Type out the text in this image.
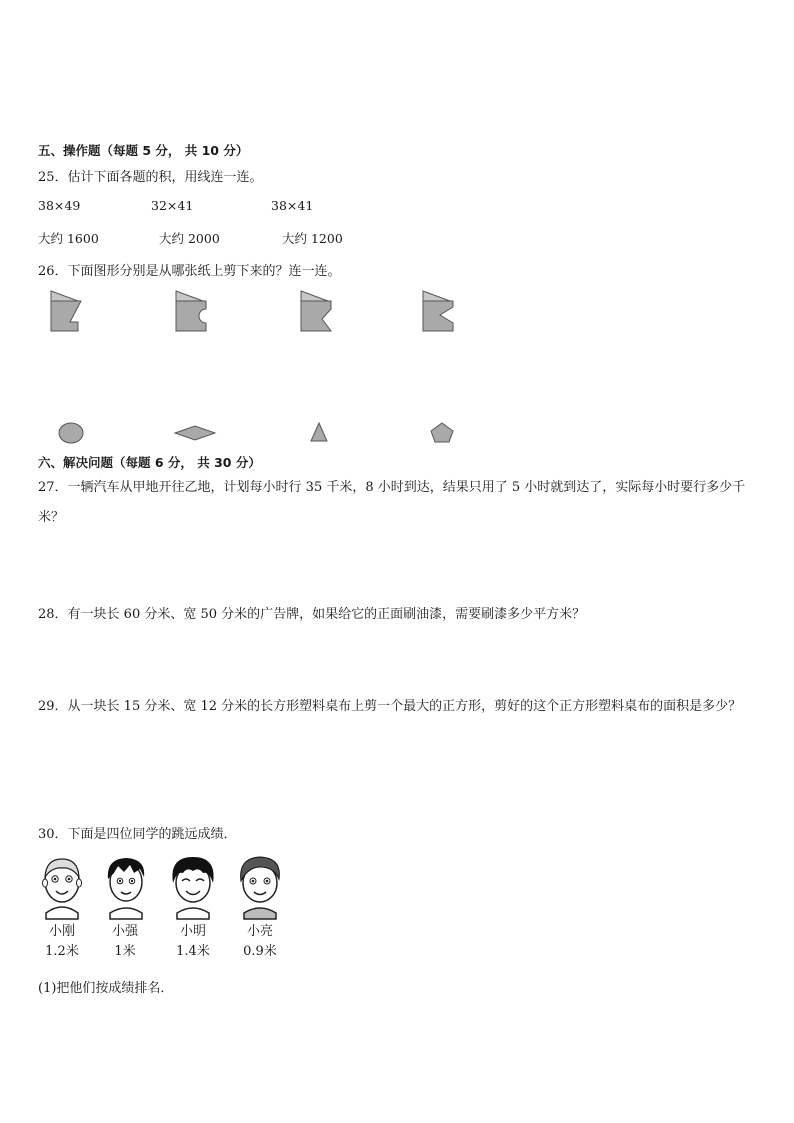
五、操作题（每题 5 分， 共 10 分）
25．估计下面各题的积，用线连一连。
38×49	32×41	38×41
大约 1600	大约 2000	大约 1200
26．下面图形分别是从哪张纸上剪下来的？连一连。
六、解决问题（每题 6 分， 共 30 分）
27．一辆汽车从甲地开往乙地，计划每小时行 35 千米，8 小时到达，结果只用了 5 小时就到达了，实际每小时要行多少千米？
28．有一块长 60 分米、宽 50 分米的广告牌，如果给它的正面刷油漆，需要刷漆多少平方米？
29．从一块长 15 分米、宽 12 分米的长方形塑料桌布上剪一个最大的正方形，剪好的这个正方形塑料桌布的面积是多少？
30．下面是四位同学的跳远成绩．
小刚
1.2米
小强
1米
小明
1.4米
小亮
0.9米
(1)把他们按成绩排名．
